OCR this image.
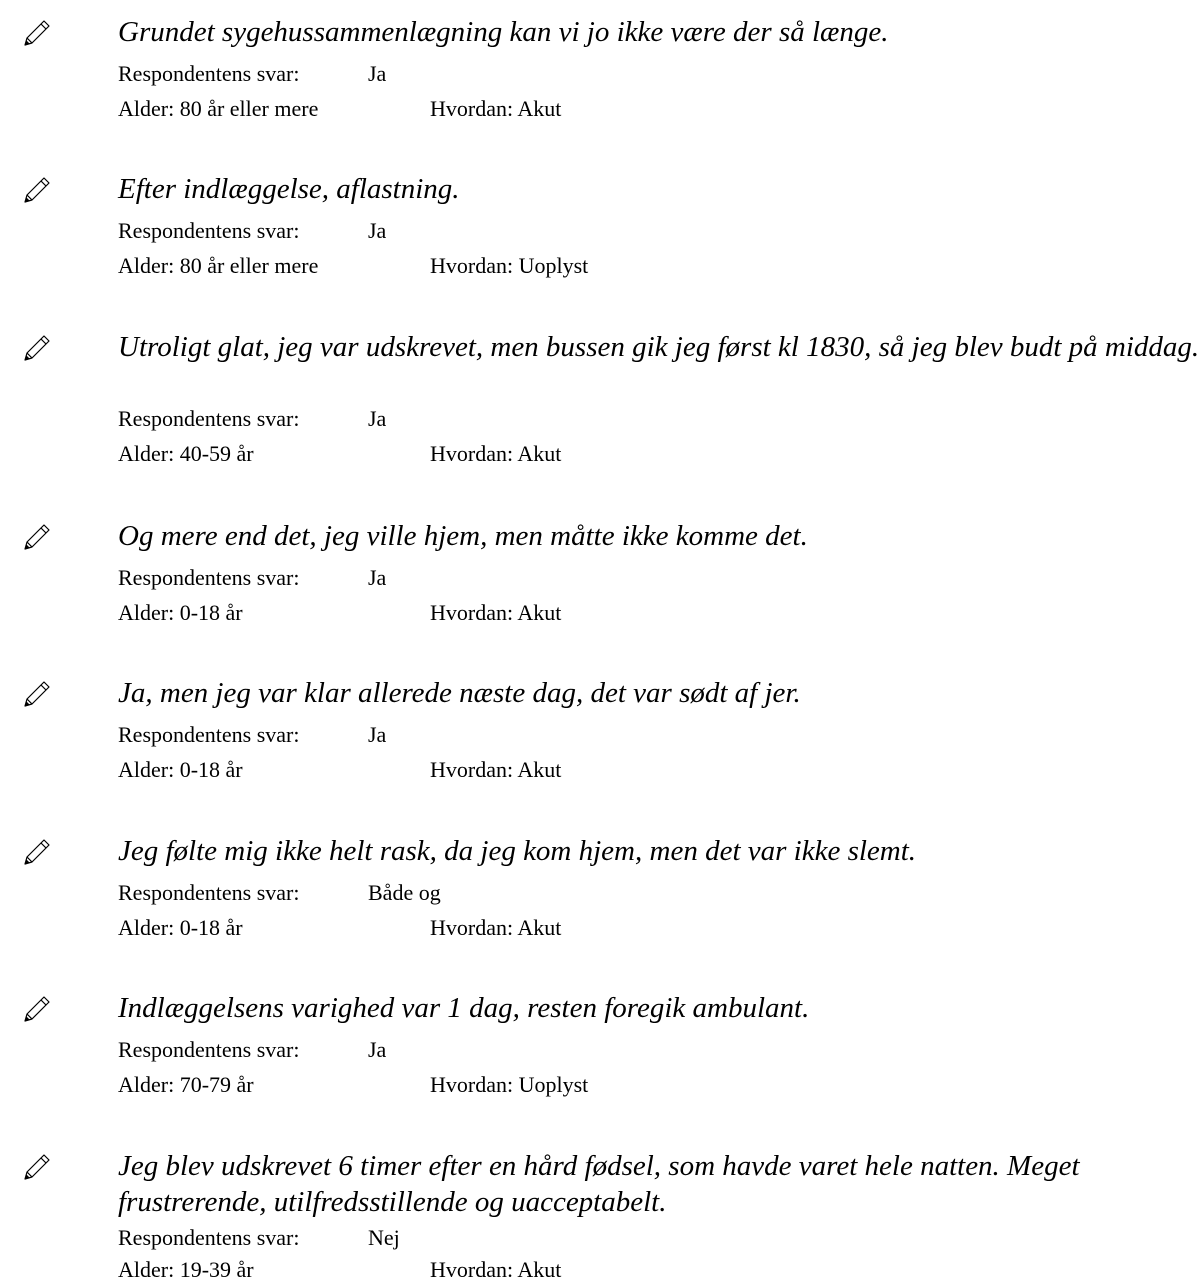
Grundet sygehussammenlægning kan vi jo ikke være der så længe.
Respondentens svar:	Ja
Alder: 80 år eller mere	Hvordan: Akut
Efter indlæggelse, aflastning.
Respondentens svar:	Ja
Alder: 80 år eller mere	Hvordan: Uoplyst
Utroligt glat, jeg var udskrevet, men bussen gik jeg først kl 1830, så jeg blev budt på middag.
Respondentens svar:	Ja
Alder: 40-59 år	Hvordan: Akut
Og mere end det, jeg ville hjem, men måtte ikke komme det.
Respondentens svar:	Ja
Alder: 0-18 år	Hvordan: Akut
Ja, men jeg var klar allerede næste dag, det var sødt af jer.
Respondentens svar:	Ja
Alder: 0-18 år	Hvordan: Akut
Jeg følte mig ikke helt rask, da jeg kom hjem, men det var ikke slemt.
Respondentens svar:	Både og
Alder: 0-18 år	Hvordan: Akut
Indlæggelsens varighed var 1 dag, resten foregik ambulant.
Respondentens svar:	Ja
Alder: 70-79 år	Hvordan: Uoplyst
Jeg blev udskrevet 6 timer efter en hård fødsel, som havde varet hele natten. Meget frustrerende, utilfredsstillende og uacceptabelt.
Respondentens svar:	Nej
Alder: 19-39 år	Hvordan: Akut
